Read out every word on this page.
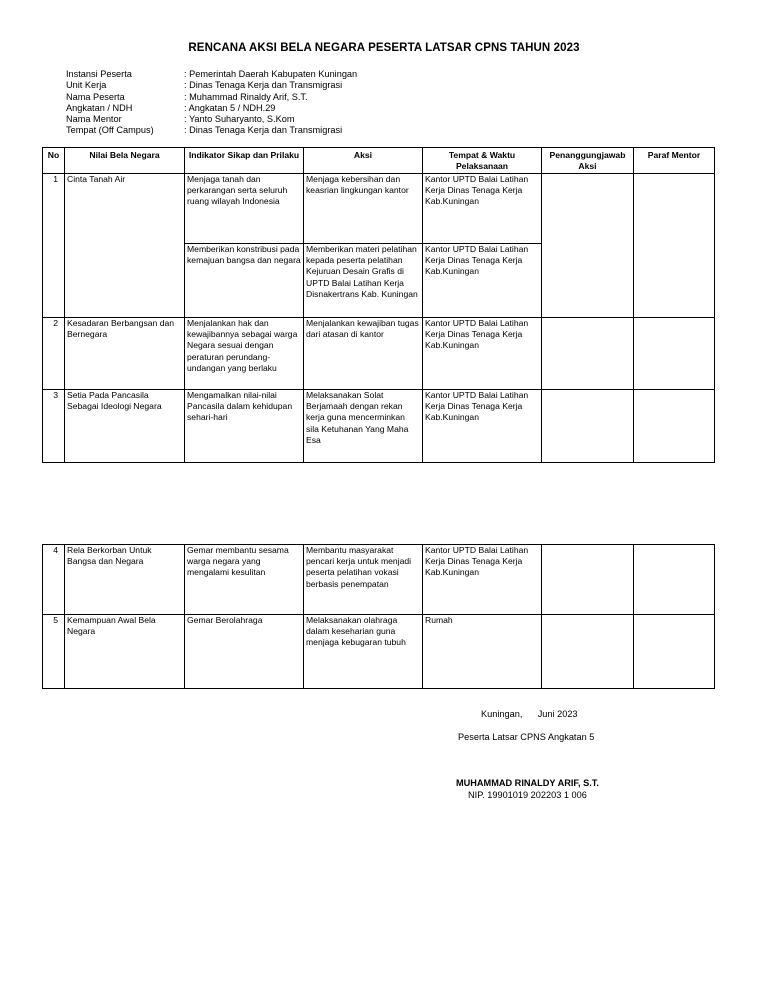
RENCANA AKSI BELA NEGARA PESERTA LATSAR CPNS TAHUN 2023
Instansi Peserta	: Pemerintah Daerah Kabupaten Kuningan
Unit Kerja	: Dinas Tenaga Kerja dan Transmigrasi
Nama Peserta	: Muhammad Rinaldy Arif, S.T.
Angkatan / NDH	: Angkatan 5 / NDH.29
Nama Mentor	: Yanto Suharyanto, S.Kom
Tempat (Off Campus)	: Dinas Tenaga Kerja dan Transmigrasi
No	Nilai Bela Negara	Indikator Sikap dan Prilaku	Aksi	Tempat & Waktu Pelaksanaan	Penanggungjawab Aksi	Paraf Mentor
1	Cinta Tanah Air	Menjaga tanah dan perkarangan serta seluruh ruang wilayah Indonesia	Menjaga kebersihan dan keasrian lingkungan kantor	Kantor UPTD Balai Latihan Kerja Dinas Tenaga Kerja Kab.Kuningan		
		Memberikan konstribusi pada kemajuan bangsa dan negara	Memberikan materi pelatihan kepada peserta pelatihan Kejuruan Desain Grafis di UPTD Balai Latihan Kerja Disnakertrans Kab. Kuningan	Kantor UPTD Balai Latihan Kerja Dinas Tenaga Kerja Kab.Kuningan		
2	Kesadaran Berbangsan dan Bernegara	Menjalankan hak dan kewajibannya sebagai warga Negara sesuai dengan peraturan perundang-undangan yang berlaku	Menjalankan kewajiban tugas dari atasan di kantor	Kantor UPTD Balai Latihan Kerja Dinas Tenaga Kerja Kab.Kuningan		
3	Setia Pada Pancasila Sebagai Ideologi Negara	Mengamalkan nilai-nilai Pancasila dalam kehidupan sehari-hari	Melaksanakan Solat Berjamaah dengan rekan kerja guna mencerminkan sila Ketuhanan Yang Maha Esa	Kantor UPTD Balai Latihan Kerja Dinas Tenaga Kerja Kab.Kuningan		
4	Rela Berkorban Untuk Bangsa dan Negara	Gemar membantu sesama warga negara yang mengalami kesulitan	Membantu masyarakat pencari kerja untuk menjadi peserta pelatihan vokasi berbasis penempatan	Kantor UPTD Balai Latihan Kerja Dinas Tenaga Kerja Kab.Kuningan		
5	Kemampuan Awal Bela Negara	Gemar Berolahraga	Melaksanakan olahraga dalam keseharian guna menjaga kebugaran tubuh	Rumah		
Kuningan,      Juni 2023
Peserta Latsar CPNS Angkatan 5
MUHAMMAD RINALDY ARIF, S.T.
NIP. 19901019 202203 1 006
